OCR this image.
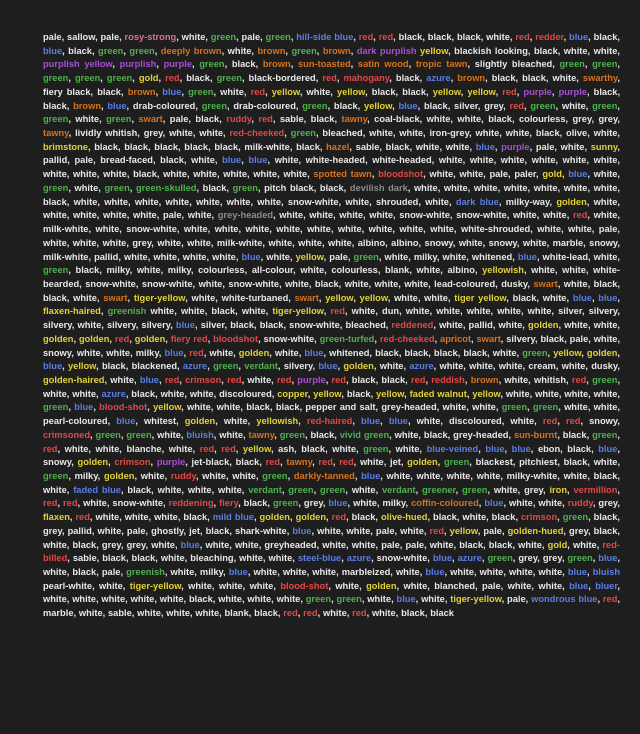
pale, sallow, pale, rosy-strong, white, green, pale, green, hill-side blue, red, red, black, black, black, white, red, redder, blue, black, blue, black, green, green, deeply brown, white, brown, green, brown, dark purplish yellow, blackish looking, black, white, white, purplish yellow, purplish, purple, green, black, brown, sun-toasted, satin wood, tropic tawn, slightly bleached, green, green, green, green, green, gold, red, black, green, black-bordered, red, mahogany, black, azure, brown, black, black, white, swarthy, fiery black, black, brown, blue, green, white, red, yellow, white, yellow, black, black, yellow, yellow, red, purple, purple, black, black, brown, blue, drab-coloured, green, drab-coloured, green, black, yellow, blue, black, silver, grey, red, green, white, green, green, white, green, swart, pale, black, ruddy, red, sable, black, tawny, coal-black, white, white, black, colourless, grey, grey, tawny, lividly whitish, grey, white, white, red-cheeked, green, bleached, white, white, iron-grey, white, white, black, olive, white, brimstone, black, black, black, black, black, milk-white, black, hazel, sable, black, white, white, blue, purple, pale, white, sunny, pallid, pale, bread-faced, black, white, blue, blue, white, white-headed, white-headed, white, white, white, white, white, white, white, white, white, black, white, white, white, white, white, spotted tawn, bloodshot, white, white, pale, paler, gold, blue, white, green, white, green, green-skulled, black, green, pitch black, black, devilish dark, white, white, white, white, white, white, white, black, white, white, white, white, white, white, white, snow-white, white, shrouded, white, dark blue, milky-way, golden, white, white, white, white, white, pale, white, grey-headed, white, white, white, white, snow-white, snow-white, white, white, red, white, milk-white, white, snow-white, white, white, white, white, white, white, white, white, white, white-shrouded, white, white, pale, white, white, white, grey, white, white, milk-white, white, white, white, albino, albino, snowy, white, snowy, white, marble, snowy, milk-white, pallid, white, white, white, white, blue, white, yellow, pale, green, white, milky, white, whitened, blue, white-lead, white, green, black, milky, white, milky, colourless, all-colour, white, colourless, blank, white, albino, yellowish, white, white, white-bearded, snow-white, snow-white, white, snow-white, white, black, white, white, white, lead-coloured, dusky, swart, white, black, black, white, swart, tiger-yellow, white, white-turbaned, swart, yellow, yellow, white, white, tiger yellow, black, white, blue, blue, flaxen-haired, greenish white, white, black, white, tiger-yellow, red, white, dun, white, white, white, white, white, silver, silvery, silvery, white, silvery, silvery, blue, silver, black, black, snow-white, bleached, reddened, white, pallid, white, golden, white, white, golden, golden, red, golden, fiery red, bloodshot, snow-white, green-turfed, red-cheeked, apricot, swart, silvery, black, pale, white, snowy, white, white, milky, blue, red, white, golden, white, blue, whitened, black, black, black, black, white, green, yellow, golden, blue, yellow, black, blackened, azure, green, verdant, silvery, blue, golden, white, azure, white, white, white, cream, white, dusky, golden-haired, white, blue, red, crimson, red, white, red, purple, red, black, black, red, reddish, brown, white, whitish, red, green, white, white, azure, black, white, white, discoloured, copper, yellow, black, yellow, faded walnut, yellow, white, white, white, white, green, blue, blood-shot, yellow, white, white, black, black, pepper and salt, grey-headed, white, white, green, green, white, white, pearl-coloured, blue, whitest, golden, white, yellowish, red-haired, blue, blue, white, discoloured, white, red, red, snowy, crimsoned, green, green, white, bluish, white, tawny, green, black, vivid green, white, black, grey-headed, sun-burnt, black, green, red, white, white, blanche, white, red, red, yellow, ash, black, white, green, white, blue-veined, blue, blue, ebon, black, blue, snowy, golden, crimson, purple, jet-black, black, red, tawny, red, red, white, jet, golden, green, blackest, pitchiest, black, white, green, milky, golden, white, ruddy, white, white, green, darkly-tanned, blue, white, white, white, white, milky-white, white, black, white, faded blue, black, white, white, white, verdant, green, green, white, verdant, greener, green, white, grey, iron, vermillion, red, red, white, snow-white, reddening, fiery, black, green, grey, blue, white, milky, coffin-coloured, blue, white, white, ruddy, grey, flaxen, red, white, white, white, black, mild blue, golden, golden, red, black, olive-hued, black, white, black, crimson, green, black, grey, pallid, white, pale, ghostly, jet, black, shark-white, blue, white, white, pale, white, red, yellow, pale, golden-hued, grey, black, white, black, grey, grey, white, blue, white, white, greyheaded, white, white, pale, pale, white, black, black, white, gold, white, red-billed, sable, black, black, white, bleaching, white, white, steel-blue, azure, snow-white, blue, azure, green, grey, grey, green, blue, white, black, pale, greenish, white, milky, blue, white, white, white, marbleized, white, blue, white, white, white, white, blue, bluish pearl-white, white, tiger-yellow, white, white, white, blood-shot, white, golden, white, blanched, pale, white, white, blue, bluer, white, white, white, white, white, black, white, white, white, green, green, white, blue, white, tiger-yellow, pale, wondrous blue, red, marble, white, sable, white, white, white, blank, black, red, red, white, red, white, black, black
